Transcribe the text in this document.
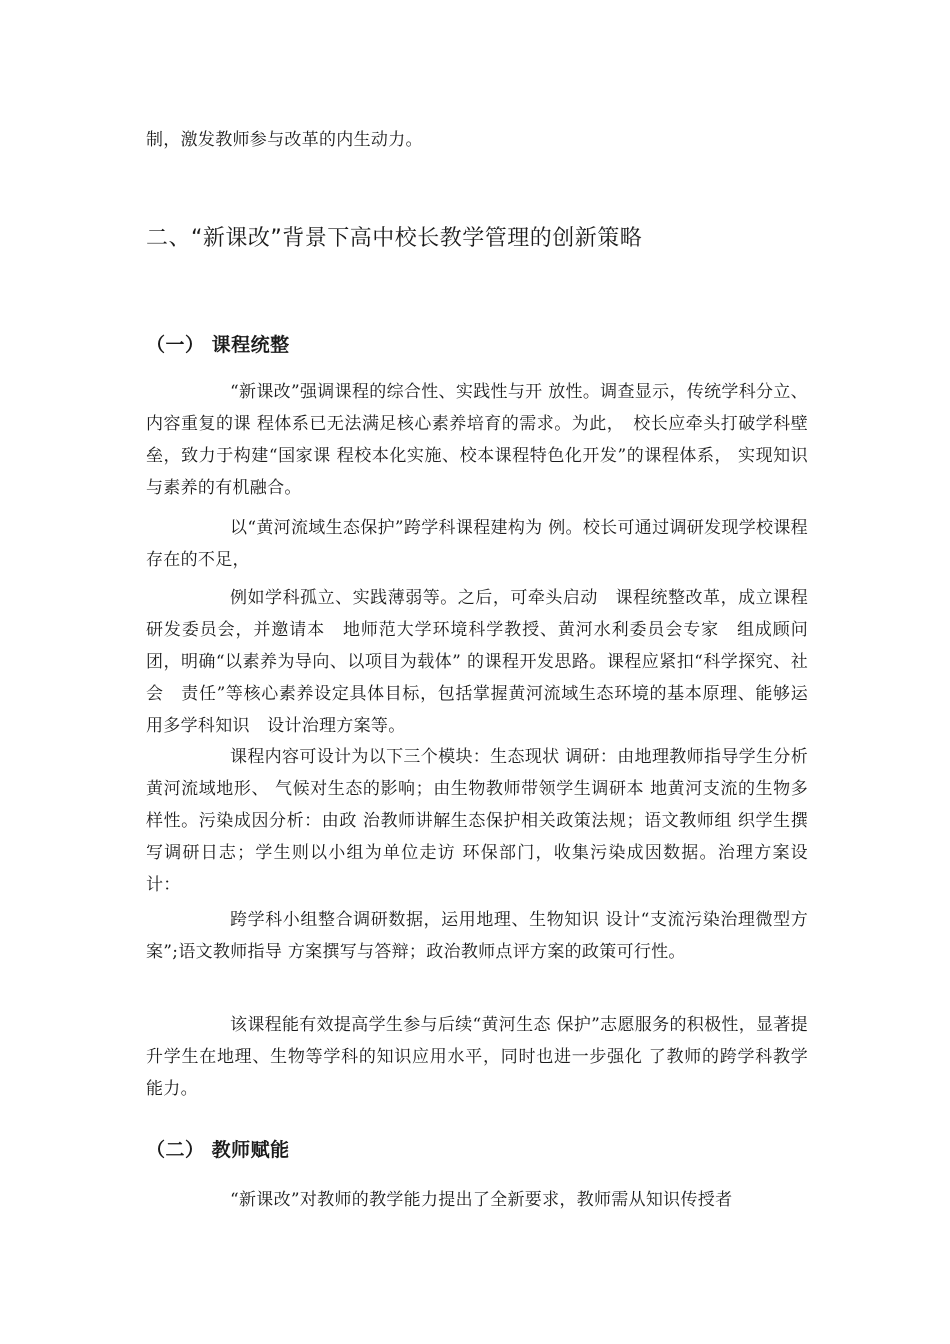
制，激发教师参与改革的内生动力。

二、“新课改”背景下高中校长教学管理的创新策略
（一） 课程统整

“新课改”强调课程的综合性、实践性与开 放性。调查显示，传统学科分立、内容重复的课 程体系已无法满足核心素养培育的需求。为此，　校长应牵头打破学科壁垒，致力于构建“国家课 程校本化实施、校本课程特色化开发”的课程体系， 实现知识与素养的有机融合。

以“黄河流域生态保护”跨学科课程建构为 例。校长可通过调研发现学校课程存在的不足，

例如学科孤立、实践薄弱等。之后，可牵头启动　课程统整改革，成立课程研发委员会，并邀请本　地师范大学环境科学教授、黄河水利委员会专家　组成顾问团，明确“以素养为导向、以项目为载体” 的课程开发思路。课程应紧扣“科学探究、社会　责任”等核心素养设定具体目标，包括掌握黄河流域生态环境的基本原理、能够运用多学科知识　设计治理方案等。

课程内容可设计为以下三个模块：生态现状 调研：由地理教师指导学生分析黄河流域地形、 气候对生态的影响；由生物教师带领学生调研本 地黄河支流的生物多样性。污染成因分析：由政 治教师讲解生态保护相关政策法规；语文教师组 织学生撰写调研日志；学生则以小组为单位走访 环保部门，收集污染成因数据。治理方案设计：

跨学科小组整合调研数据，运用地理、生物知识 设计“支流污染治理微型方案”;语文教师指导 方案撰写与答辩；政治教师点评方案的政策可行性。

该课程能有效提高学生参与后续“黄河生态 保护”志愿服务的积极性，显著提升学生在地理、生物等学科的知识应用水平，同时也进一步强化 了教师的跨学科教学能力。

（二） 教师赋能

“新课改”对教师的教学能力提出了全新要求，教师需从知识传授者
